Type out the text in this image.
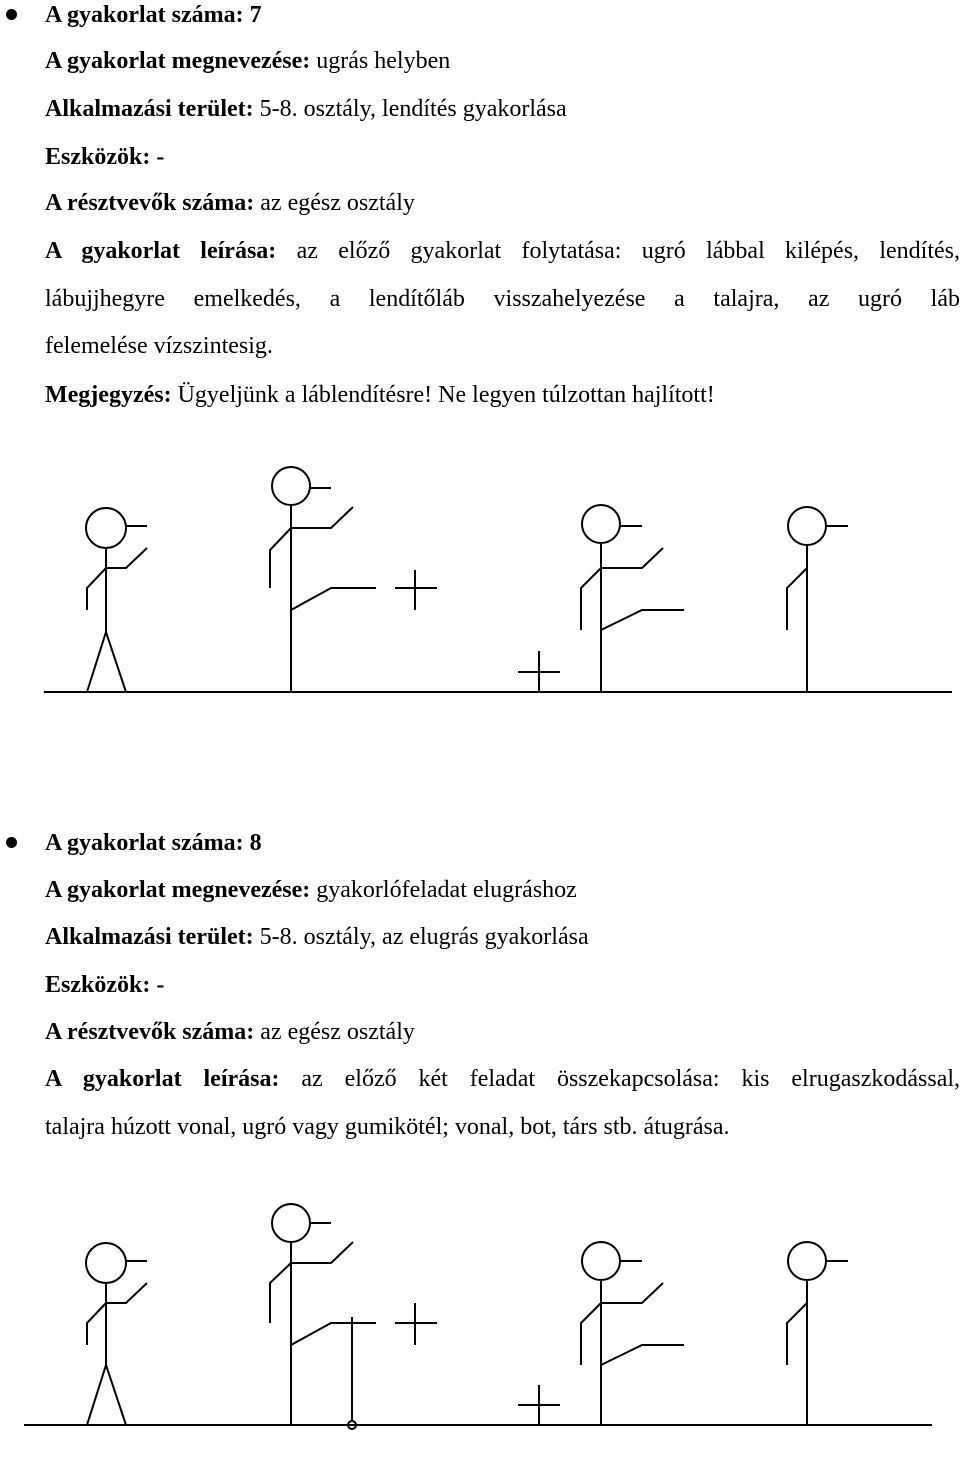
A gyakorlat száma: 7
A gyakorlat megnevezése: ugrás helyben
Alkalmazási terület: 5-8. osztály, lendítés gyakorlása
Eszközök: -
A résztvevők száma: az egész osztály
A gyakorlat leírása: az előző gyakorlat folytatása: ugró lábbal kilépés, lendítés,
lábujjhegyre emelkedés, a lendítőláb visszahelyezése a talajra, az ugró láb
felemelése vízszintesig.
Megjegyzés: Ügyeljünk a láblendítésre! Ne legyen túlzottan hajlított!
A gyakorlat száma: 8
A gyakorlat megnevezése: gyakorlófeladat elugráshoz
Alkalmazási terület: 5-8. osztály, az elugrás gyakorlása
Eszközök: -
A résztvevők száma: az egész osztály
A gyakorlat leírása: az előző két feladat összekapcsolása: kis elrugaszkodással,
talajra húzott vonal, ugró vagy gumikötél; vonal, bot, társ stb. átugrása.
